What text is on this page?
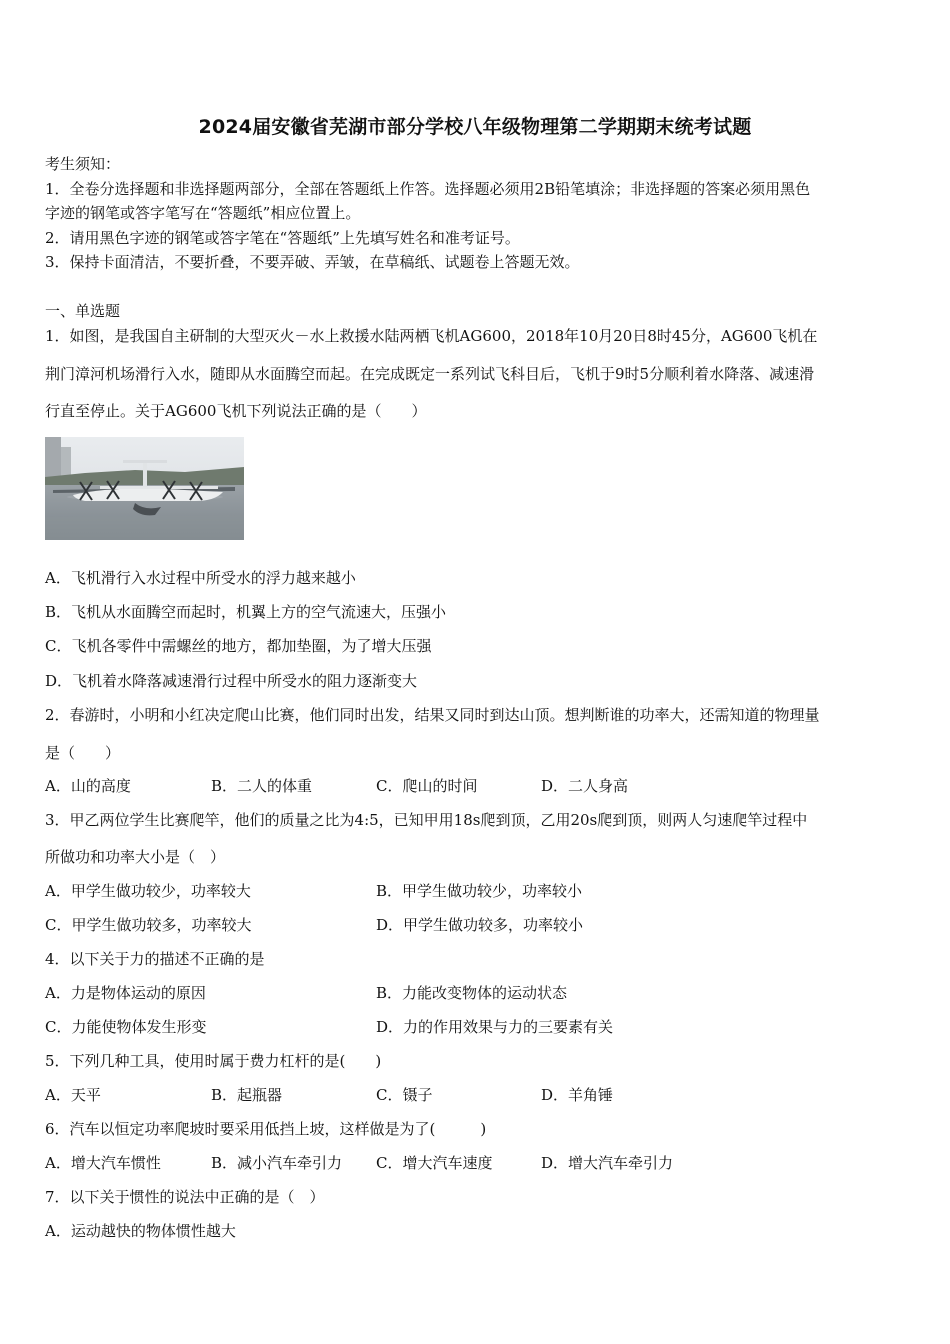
2024届安徽省芜湖市部分学校八年级物理第二学期期末统考试题
考生须知：
1．全卷分选择题和非选择题两部分，全部在答题纸上作答。选择题必须用2B铅笔填涂；非选择题的答案必须用黑色
字迹的钢笔或答字笔写在“答题纸”相应位置上。
2．请用黑色字迹的钢笔或答字笔在“答题纸”上先填写姓名和准考证号。
3．保持卡面清洁，不要折叠，不要弄破、弄皱，在草稿纸、试题卷上答题无效。
一、单选题
1．如图，是我国自主研制的大型灭火－水上救援水陆两栖飞机AG600，2018年10月20日8时45分，AG600飞机在
荆门漳河机场滑行入水，随即从水面腾空而起。在完成既定一系列试飞科目后，飞机于9时5分顺利着水降落、减速滑
行直至停止。关于AG600飞机下列说法正确的是（　　）
A．飞机滑行入水过程中所受水的浮力越来越小
B．飞机从水面腾空而起时，机翼上方的空气流速大，压强小
C．飞机各零件中需螺丝的地方，都加垫圈，为了增大压强
D．飞机着水降落减速滑行过程中所受水的阻力逐渐变大
2．春游时，小明和小红决定爬山比赛，他们同时出发，结果又同时到达山顶。想判断谁的功率大，还需知道的物理量
是（　　）
A．山的高度	B．二人的体重	C．爬山的时间	D．二人身高
3．甲乙两位学生比赛爬竿，他们的质量之比为4:5，已知甲用18s爬到顶，乙用20s爬到顶，则两人匀速爬竿过程中
所做功和功率大小是（　）
A．甲学生做功较少，功率较大	B．甲学生做功较少，功率较小
C．甲学生做功较多，功率较大	D．甲学生做功较多，功率较小
4．以下关于力的描述不正确的是
A．力是物体运动的原因	B．力能改变物体的运动状态
C．力能使物体发生形变	D．力的作用效果与力的三要素有关
5．下列几种工具，使用时属于费力杠杆的是(　　)
A．天平	B．起瓶器	C．镊子	D．羊角锤
6．汽车以恒定功率爬坡时要采用低挡上坡，这样做是为了(　　　)
A．增大汽车惯性	B．减小汽车牵引力 C．增大汽车速度	D．增大汽车牵引力
7．以下关于惯性的说法中正确的是（　）
A．运动越快的物体惯性越大
